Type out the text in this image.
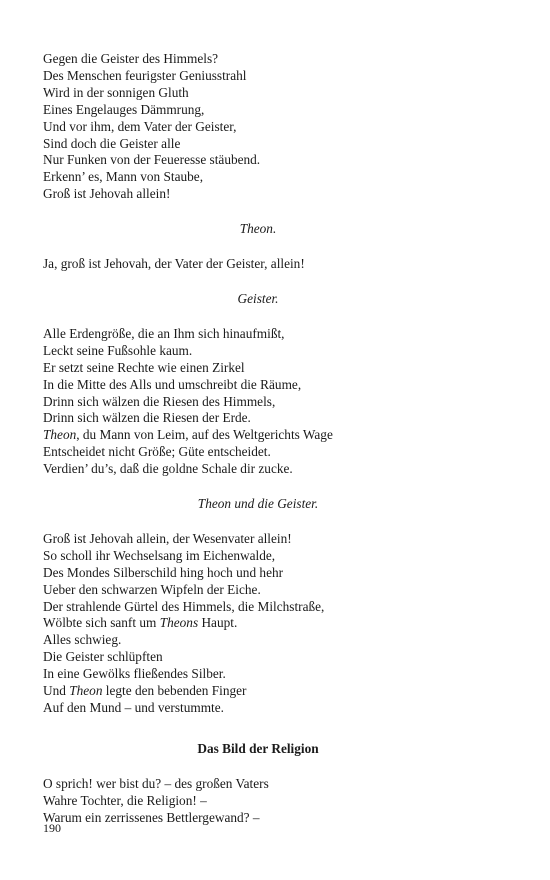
Gegen die Geister des Himmels?
Des Menschen feurigster Geniusstrahl
Wird in der sonnigen Gluth
Eines Engelauges Dämmrung,
Und vor ihm, dem Vater der Geister,
Sind doch die Geister alle
Nur Funken von der Feueresse stäubend.
Erkenn’ es, Mann von Staube,
Groß ist Jehovah allein!
Theon.
Ja, groß ist Jehovah, der Vater der Geister, allein!
Geister.
Alle Erdengröße, die an Ihm sich hinaufmißt,
Leckt seine Fußsohle kaum.
Er setzt seine Rechte wie einen Zirkel
In die Mitte des Alls und umschreibt die Räume,
Drinn sich wälzen die Riesen des Himmels,
Drinn sich wälzen die Riesen der Erde.
Theon, du Mann von Leim, auf des Weltgerichts Wage
Entscheidet nicht Größe; Güte entscheidet.
Verdien’ du’s, daß die goldne Schale dir zucke.
Theon und die Geister.
Groß ist Jehovah allein, der Wesenvater allein!
So scholl ihr Wechselsang im Eichenwalde,
Des Mondes Silberschild hing hoch und hehr
Ueber den schwarzen Wipfeln der Eiche.
Der strahlende Gürtel des Himmels, die Milchstraße,
Wölbte sich sanft um Theons Haupt.
Alles schwieg.
Die Geister schlüpften
In eine Gewölks fließendes Silber.
Und Theon legte den bebenden Finger
Auf den Mund – und verstummte.
Das Bild der Religion
O sprich! wer bist du? – des großen Vaters
Wahre Tochter, die Religion! –
Warum ein zerrissenes Bettlergewand? –
190
